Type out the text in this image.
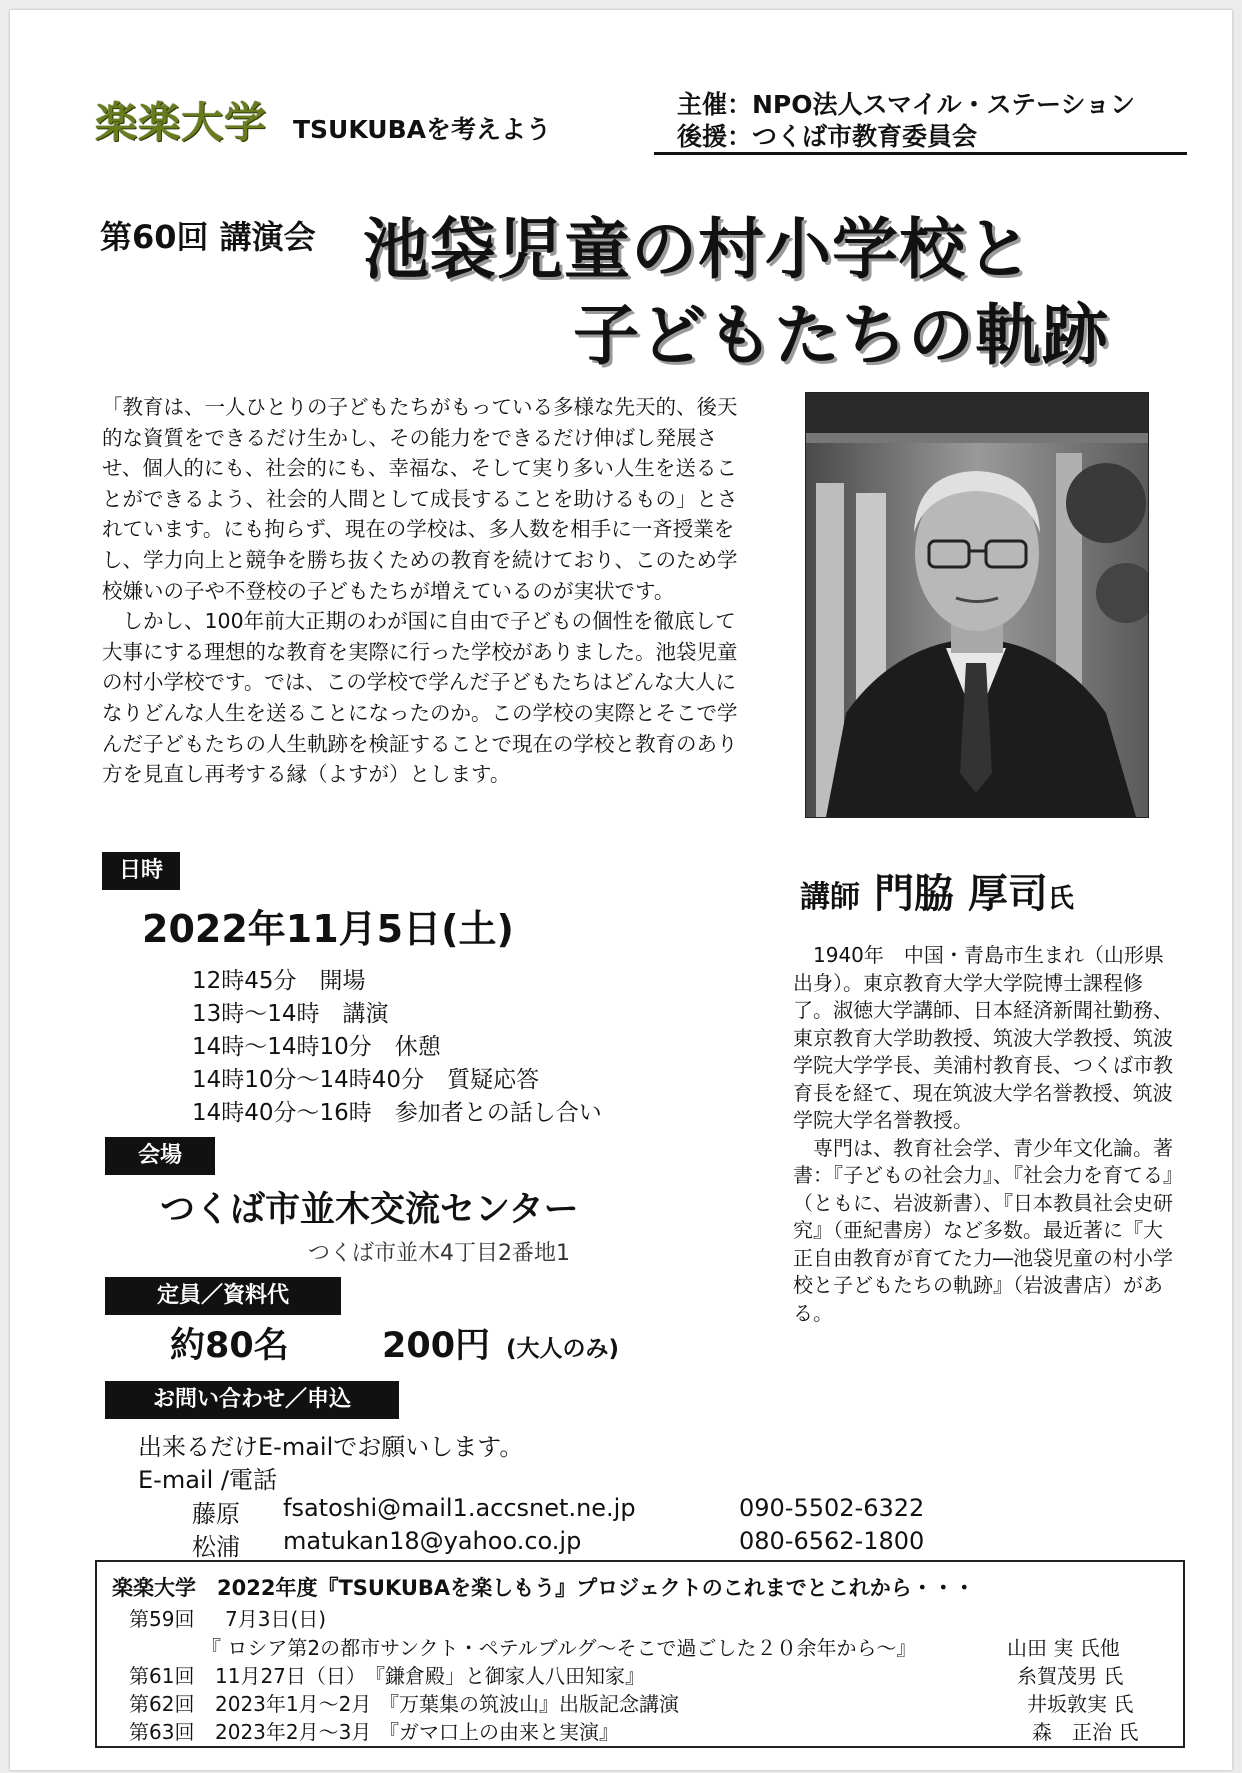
楽楽大学 TSUKUBAを考えよう
主催：NPO法人スマイル・ステーション
後援：つくば市教育委員会
第60回 講演会 池袋児童の村小学校と
子どもたちの軌跡

「教育は、一人ひとりの子どもたちがもっている多様な先天的、後天的な資質をできるだけ生かし、その能力をできるだけ伸ばし発展させ、個人的にも、社会的にも、幸福な、そして実り多い人生を送ることができるよう、社会的人間として成長することを助けるもの」とされています。にも拘らず、現在の学校は、多人数を相手に一斉授業をし、学力向上と競争を勝ち抜くための教育を続けており、このため学校嫌いの子や不登校の子どもたちが増えているのが実状です。

しかし、100年前大正期のわが国に自由で子どもの個性を徹底して大事にする理想的な教育を実際に行った学校がありました。池袋児童の村小学校です。では、この学校で学んだ子どもたちはどんな大人になりどんな人生を送ることになったのか。この学校の実際とそこで学んだ子どもたちの人生軌跡を検証することで現在の学校と教育のあり方を見直し再考する縁（よすが）とします。

講師 門脇 厚司氏

1940年　中国・青島市生まれ（山形県出身）。東京教育大学大学院博士課程修了。淑徳大学講師、日本経済新聞社勤務、東京教育大学助教授、筑波大学教授、筑波学院大学学長、美浦村教育長、つくば市教育長を経て、現在筑波大学名誉教授、筑波学院大学名誉教授。

専門は、教育社会学、青少年文化論。著書：『子どもの社会力』、『社会力を育てる』（ともに、岩波新書）、『日本教員社会史研究』（亜紀書房）など多数。最近著に『大正自由教育が育てた力―池袋児童の村小学校と子どもたちの軌跡』（岩波書店）がある。

日時
2022年11月5日(土)
12時45分　開場
13時～14時　講演
14時～14時10分　休憩
14時10分～14時40分　質疑応答
14時40分～16時　参加者との話し合い
会場
つくば市並木交流センター
つくば市並木4丁目2番地1
定員／資料代
約80名	200円 (大人のみ)
お問い合わせ／申込
出来るだけE-mailでお願いします。
E-mail /電話
藤原 fsatoshi@mail1.accsnet.ne.jp	090-5502-6322
松浦 matukan18@yahoo.co.jp	080-6562-1800
楽楽大学　2022年度『TSUKUBAを楽しもう』プロジェクトのこれまでとこれから・・・
第59回 7月3日(日)
『 ロシア第2の都市サンクト・ペテルブルグ～そこで過ごした２０余年から～』	山田 実 氏他
第61回 11月27日（日） 『鎌倉殿」と御家人八田知家』	糸賀茂男 氏
第62回 2023年1月～2月 『万葉集の筑波山』出版記念講演	井坂敦実 氏
第63回 2023年2月～3月 『ガマ口上の由来と実演』	森　正治 氏
